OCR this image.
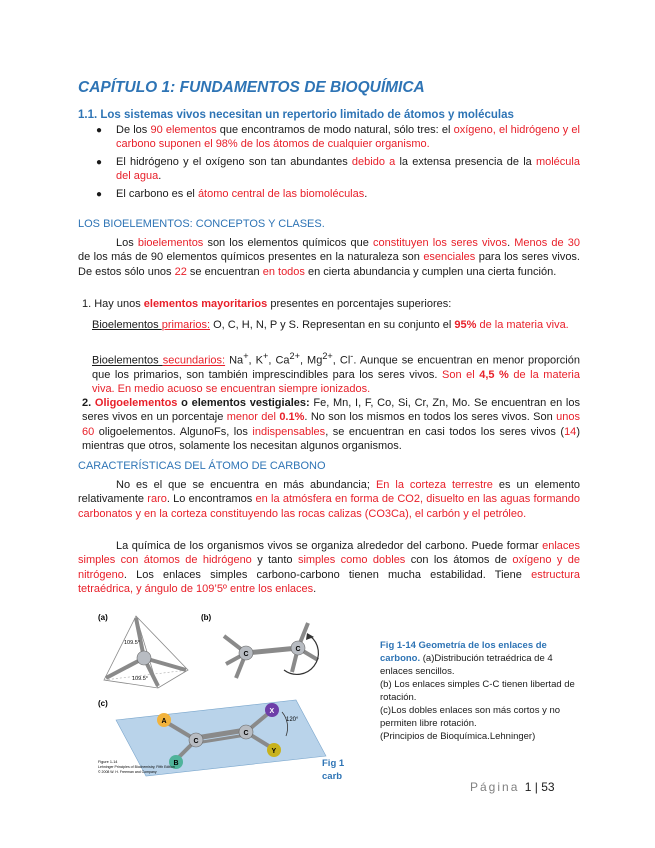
CAPÍTULO 1: FUNDAMENTOS DE BIOQUÍMICA
1.1. Los sistemas vivos necesitan un repertorio limitado de átomos y moléculas
● De los 90 elementos que encontramos de modo natural, sólo tres: el oxígeno, el hidrógeno y el carbono suponen el 98% de los átomos de cualquier organismo.
● El hidrógeno y el oxígeno son tan abundantes debido a la extensa presencia de la molécula del agua.
● El carbono es el átomo central de las biomoléculas.
LOS BIOELEMENTOS: CONCEPTOS Y CLASES.
Los bioelementos son los elementos químicos que constituyen los seres vivos. Menos de 30 de los más de 90 elementos químicos presentes en la naturaleza son esenciales para los seres vivos. De estos sólo unos 22 se encuentran en todos en cierta abundancia y cumplen una cierta función.
1. Hay unos elementos mayoritarios presentes en porcentajes superiores:
Bioelementos primarios: O, C, H, N, P y S. Representan en su conjunto el 95% de la materia viva.
Bioelementos secundarios: Na+, K+, $Ca^{2+}$, $Mg^{2+}$, Cl-. Aunque se encuentran en menor proporción que los primarios, son también imprescindibles para los seres vivos. Son el 4,5 % de la materia viva. En medio acuoso se encuentran siempre ionizados.
2. Oligoelementos o elementos vestigiales: Fe, Mn, I, F, Co, Si, Cr, Zn, Mo. Se encuentran en los seres vivos en un porcentaje menor del 0.1%. No son los mismos en todos los seres vivos. Son unos 60 oligoelementos. AlgunoFs, los indispensables, se encuentran en casi todos los seres vivos (14) mientras que otros, solamente los necesitan algunos organismos.
CARACTERÍSTICAS DEL ÁTOMO DE CARBONO
No es el que se encuentra en más abundancia; En la corteza terrestre es un elemento relativamente raro. Lo encontramos en la atmósfera en forma de CO2, disuelto en las aguas formando carbonatos y en la corteza constituyendo las rocas calizas (CO3Ca), el carbón y el petróleo.
La química de los organismos vivos se organiza alrededor del carbono. Puede formar enlaces simples con átomos de hidrógeno y tanto simples como dobles con los átomos de oxígeno y de nitrógeno. Los enlaces simples carbono-carbono tienen mucha estabilidad. Tiene estructura tetraédrica, y ángulo de 109’5º entre los enlaces.
(a)	(b)
(c)
109.5°
109.5°
C
C
C
C
A
B
X
Y
120°
Figure 1-14
Lehninger Principles of Biochemistry, Fifth Edition
© 2008 W. H. Freeman and Company
Fig 1-14 Geometría de los enlaces de carbono. (a)Distribución tetraédrica de 4 enlaces sencillos.
(b) Los enlaces simples C-C tienen libertad de rotación.
(c)Los dobles enlaces son más cortos y no permiten libre rotación.
(Principios de Bioquímica.Lehninger)
Fig 1
carb
Página 1 | 53
